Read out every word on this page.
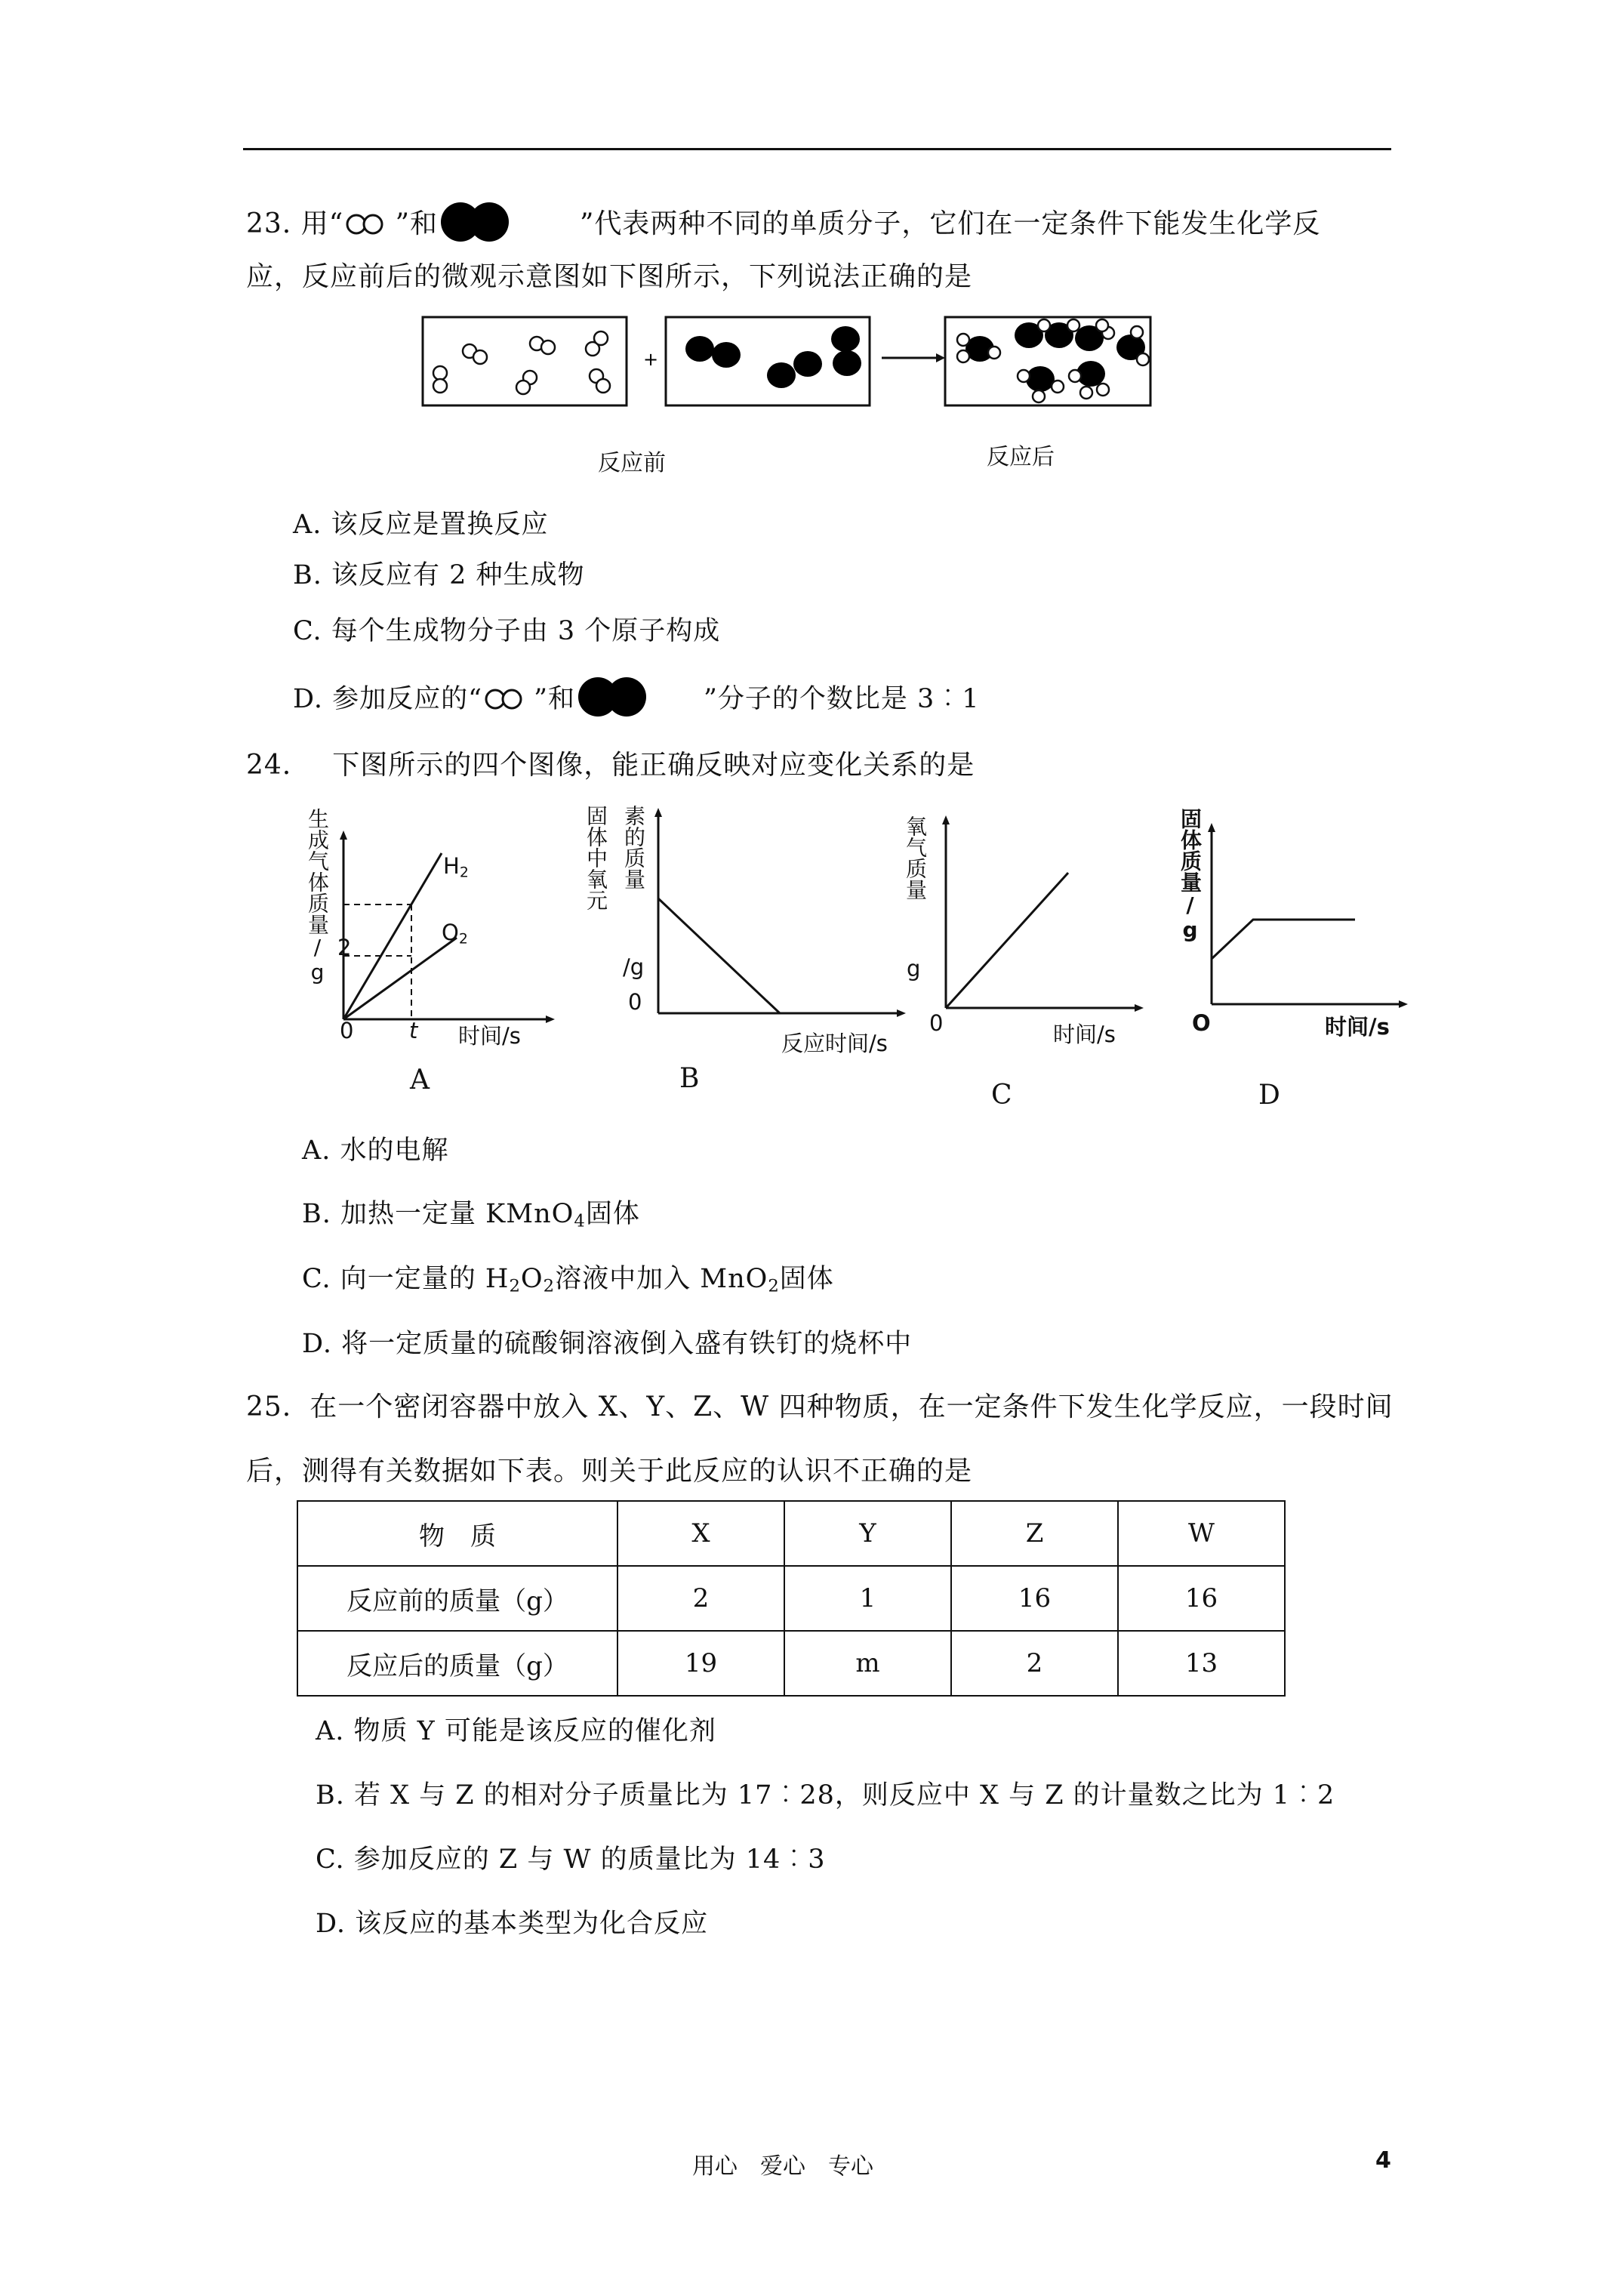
23. 用“ ”和	”代表两种不同的单质分子，它们在一定条件下能发生化学反
应，反应前后的微观示意图如下图所示，下列说法正确的是
+
反应前	反应后
A. 该反应是置换反应
B. 该反应有 2 种生成物
C. 每个生成物分子由 3 个原子构成
D. 参加反应的“ ”和	”分子的个数比是 3︰1
24. 下图所示的四个图像，能正确反映对应变化关系的是
生成气体质量/g	$H_2$
$O_2$
2
0	t 时间/s
A
固体中氧元 素的质量
/g
0
反应时间/s
B
氧气质量
g
0	时间/s
C
固体质量/g
O	时间/s
D
A. 水的电解
B. 加热一定量 KMnO$_4$固体
C. 向一定量的 $H_2O_2$溶液中加入 MnO$_2$固体
D. 将一定质量的硫酸铜溶液倒入盛有铁钉的烧杯中
25. 在一个密闭容器中放入 X、Y、Z、W 四种物质，在一定条件下发生化学反应，一段时间
后，测得有关数据如下表。则关于此反应的认识不正确的是
物　质	X	Y	Z	W
反应前的质量（g）	2	1	16	16
反应后的质量（g）	19	m	2	13
A. 物质 Y 可能是该反应的催化剂
B. 若 X 与 Z 的相对分子质量比为 17︰28，则反应中 X 与 Z 的计量数之比为 1︰2
C. 参加反应的 Z 与 W 的质量比为 14︰3
D. 该反应的基本类型为化合反应
用心　爱心　专心	4
